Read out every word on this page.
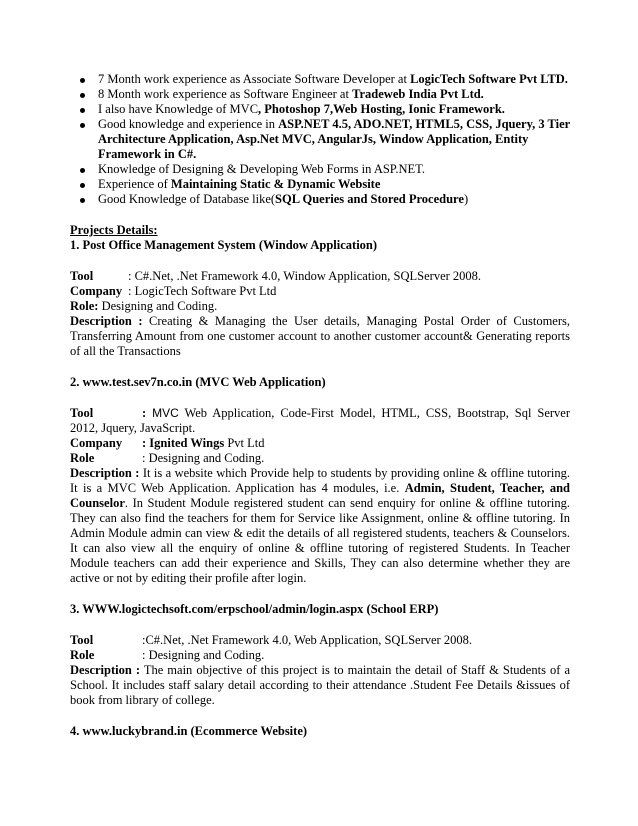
7 Month work experience as Associate Software Developer at LogicTech Software Pvt LTD.
8 Month work experience as Software Engineer at Tradeweb India Pvt Ltd.
I also have Knowledge of MVC, Photoshop 7,Web Hosting, Ionic Framework.
Good knowledge and experience in ASP.NET 4.5, ADO.NET, HTML5, CSS, Jquery, 3 Tier Architecture Application, Asp.Net MVC, AngularJs, Window Application, Entity Framework in C#.
Knowledge of Designing & Developing Web Forms in ASP.NET.
Experience of Maintaining Static & Dynamic Website
Good Knowledge of Database like(SQL Queries and Stored Procedure)
Projects Details:
1. Post Office Management System (Window Application)
Tool	: C#.Net, .Net Framework 4.0, Window Application, SQLServer 2008.
Company : LogicTech Software Pvt Ltd
Role: Designing and Coding.
Description : Creating & Managing the User details, Managing Postal Order of Customers, Transferring Amount from one customer account to another customer account& Generating reports of all the Transactions
2. www.test.sev7n.co.in (MVC Web Application)
Tool	: MVC Web Application, Code-First Model, HTML, CSS, Bootstrap, Sql Server 2012, Jquery, JavaScript.
Company : Ignited Wings Pvt Ltd
Role	: Designing and Coding.
Description : It is a website which Provide help to students by providing online & offline tutoring. It is a MVC Web Application. Application has 4 modules, i.e. Admin, Student, Teacher, and Counselor. In Student Module registered student can send enquiry for online & offline tutoring. They can also find the teachers for them for Service like Assignment, online & offline tutoring. In Admin Module admin can view & edit the details of all registered students, teachers & Counselors. It can also view all the enquiry of online & offline tutoring of registered Students. In Teacher Module teachers can add their experience and Skills, They can also determine whether they are active or not by editing their profile after login.
3. WWW.logictechsoft.com/erpschool/admin/login.aspx (School ERP)
Tool	:C#.Net, .Net Framework 4.0, Web Application, SQLServer 2008.
Role	: Designing and Coding.
Description : The main objective of this project is to maintain the detail of Staff & Students of a School. It includes staff salary detail according to their attendance .Student Fee Details &issues of book from library of college.
4. www.luckybrand.in (Ecommerce Website)
